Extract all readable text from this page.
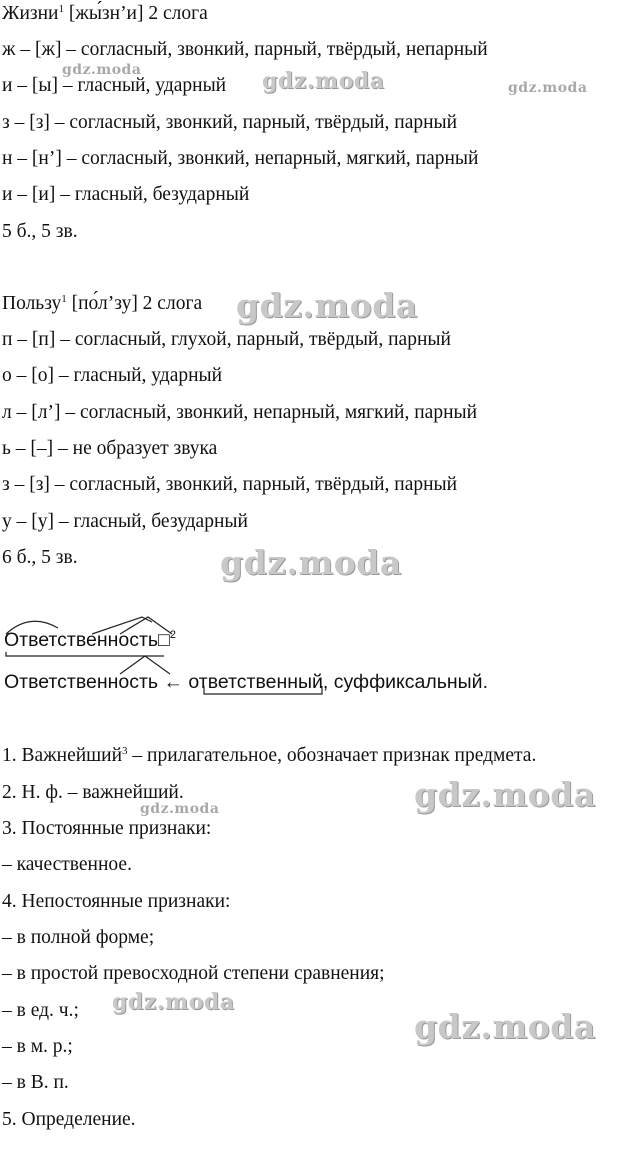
Жизни$^1$ [жы́зн’и] 2 слога
ж – [ж] – согласный, звонкий, парный, твёрдый, непарный
и – [ы] – гласный, ударный
з – [з] – согласный, звонкий, парный, твёрдый, парный
н – [н’] – согласный, звонкий, непарный, мягкий, парный
и – [и] – гласный, безударный
5 б., 5 зв.
Пользу$^1$ [по́л’зу] 2 слога
п – [п] – согласный, глухой, парный, твёрдый, парный
о – [о] – гласный, ударный
л – [л’] – согласный, звонкий, непарный, мягкий, парный
ь – [–] – не образует звука
з – [з] – согласный, звонкий, парный, твёрдый, парный
у – [у] – гласный, безударный
6 б., 5 зв.
Ответственность□$^2$
Ответственность ← ответственный, суффиксальный.
1. Важнейший$^3$ – прилагательное, обозначает признак предмета.
2. Н. ф. – важнейший.
3. Постоянные признаки:
– качественное.
4. Непостоянные признаки:
– в полной форме;
– в простой превосходной степени сравнения;
– в ед. ч.;
– в м. р.;
– в В. п.
5. Определение.
gdz.moda	gdz.moda	gdz.moda
gdz.moda
gdz.moda
gdz.moda
gdz.moda
gdz.moda
gdz.moda
